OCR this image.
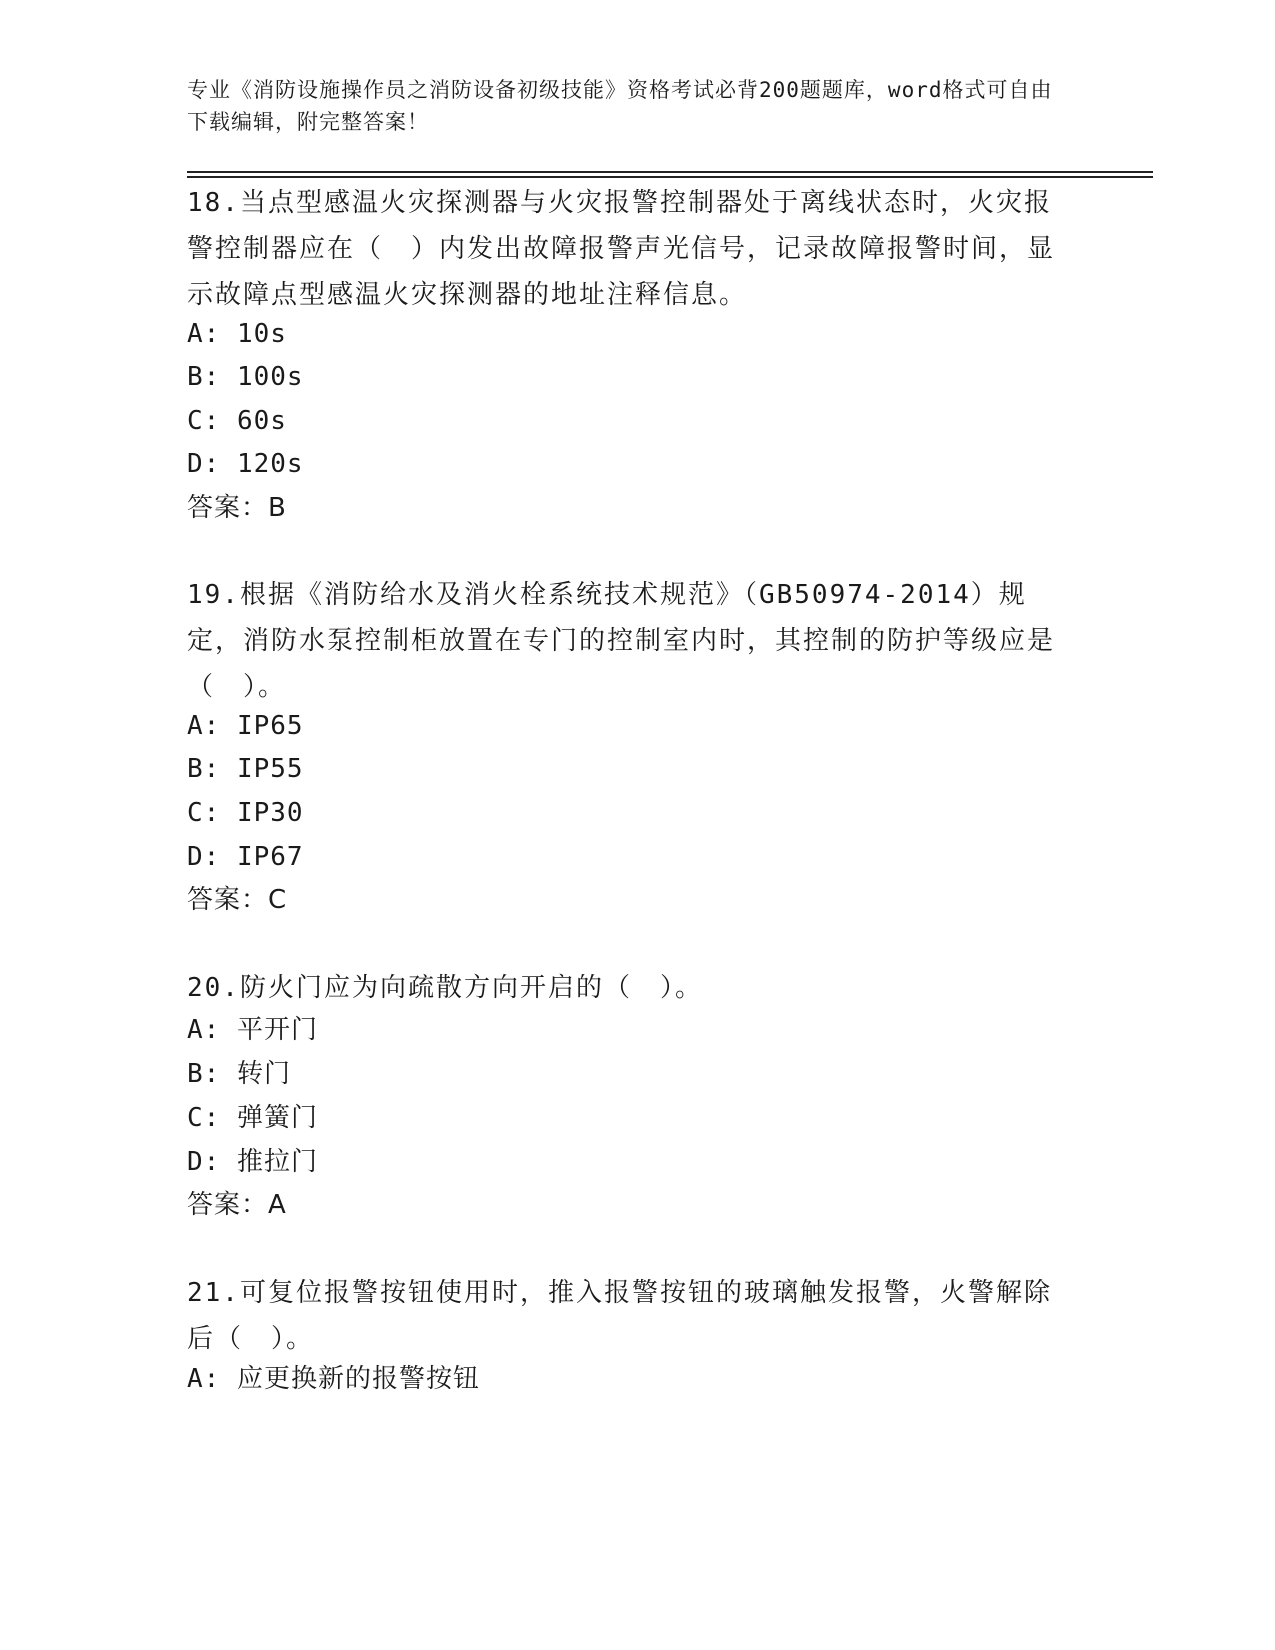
专业《消防设施操作员之消防设备初级技能》资格考试必背200题题库，word格式可自由下载编辑，附完整答案！
18.当点型感温火灾探测器与火灾报警控制器处于离线状态时，火灾报警控制器应在（　）内发出故障报警声光信号，记录故障报警时间，显示故障点型感温火灾探测器的地址注释信息。
A: 10s
B: 100s
C: 60s
D: 120s
答案：B
19.根据《消防给水及消火栓系统技术规范》（GB50974-2014）规定，消防水泵控制柜放置在专门的控制室内时，其控制的防护等级应是（　）。
A: IP65
B: IP55
C: IP30
D: IP67
答案：C
20.防火门应为向疏散方向开启的（　）。
A: 平开门
B: 转门
C: 弹簧门
D: 推拉门
答案：A
21.可复位报警按钮使用时，推入报警按钮的玻璃触发报警，火警解除后（　）。
A: 应更换新的报警按钮
